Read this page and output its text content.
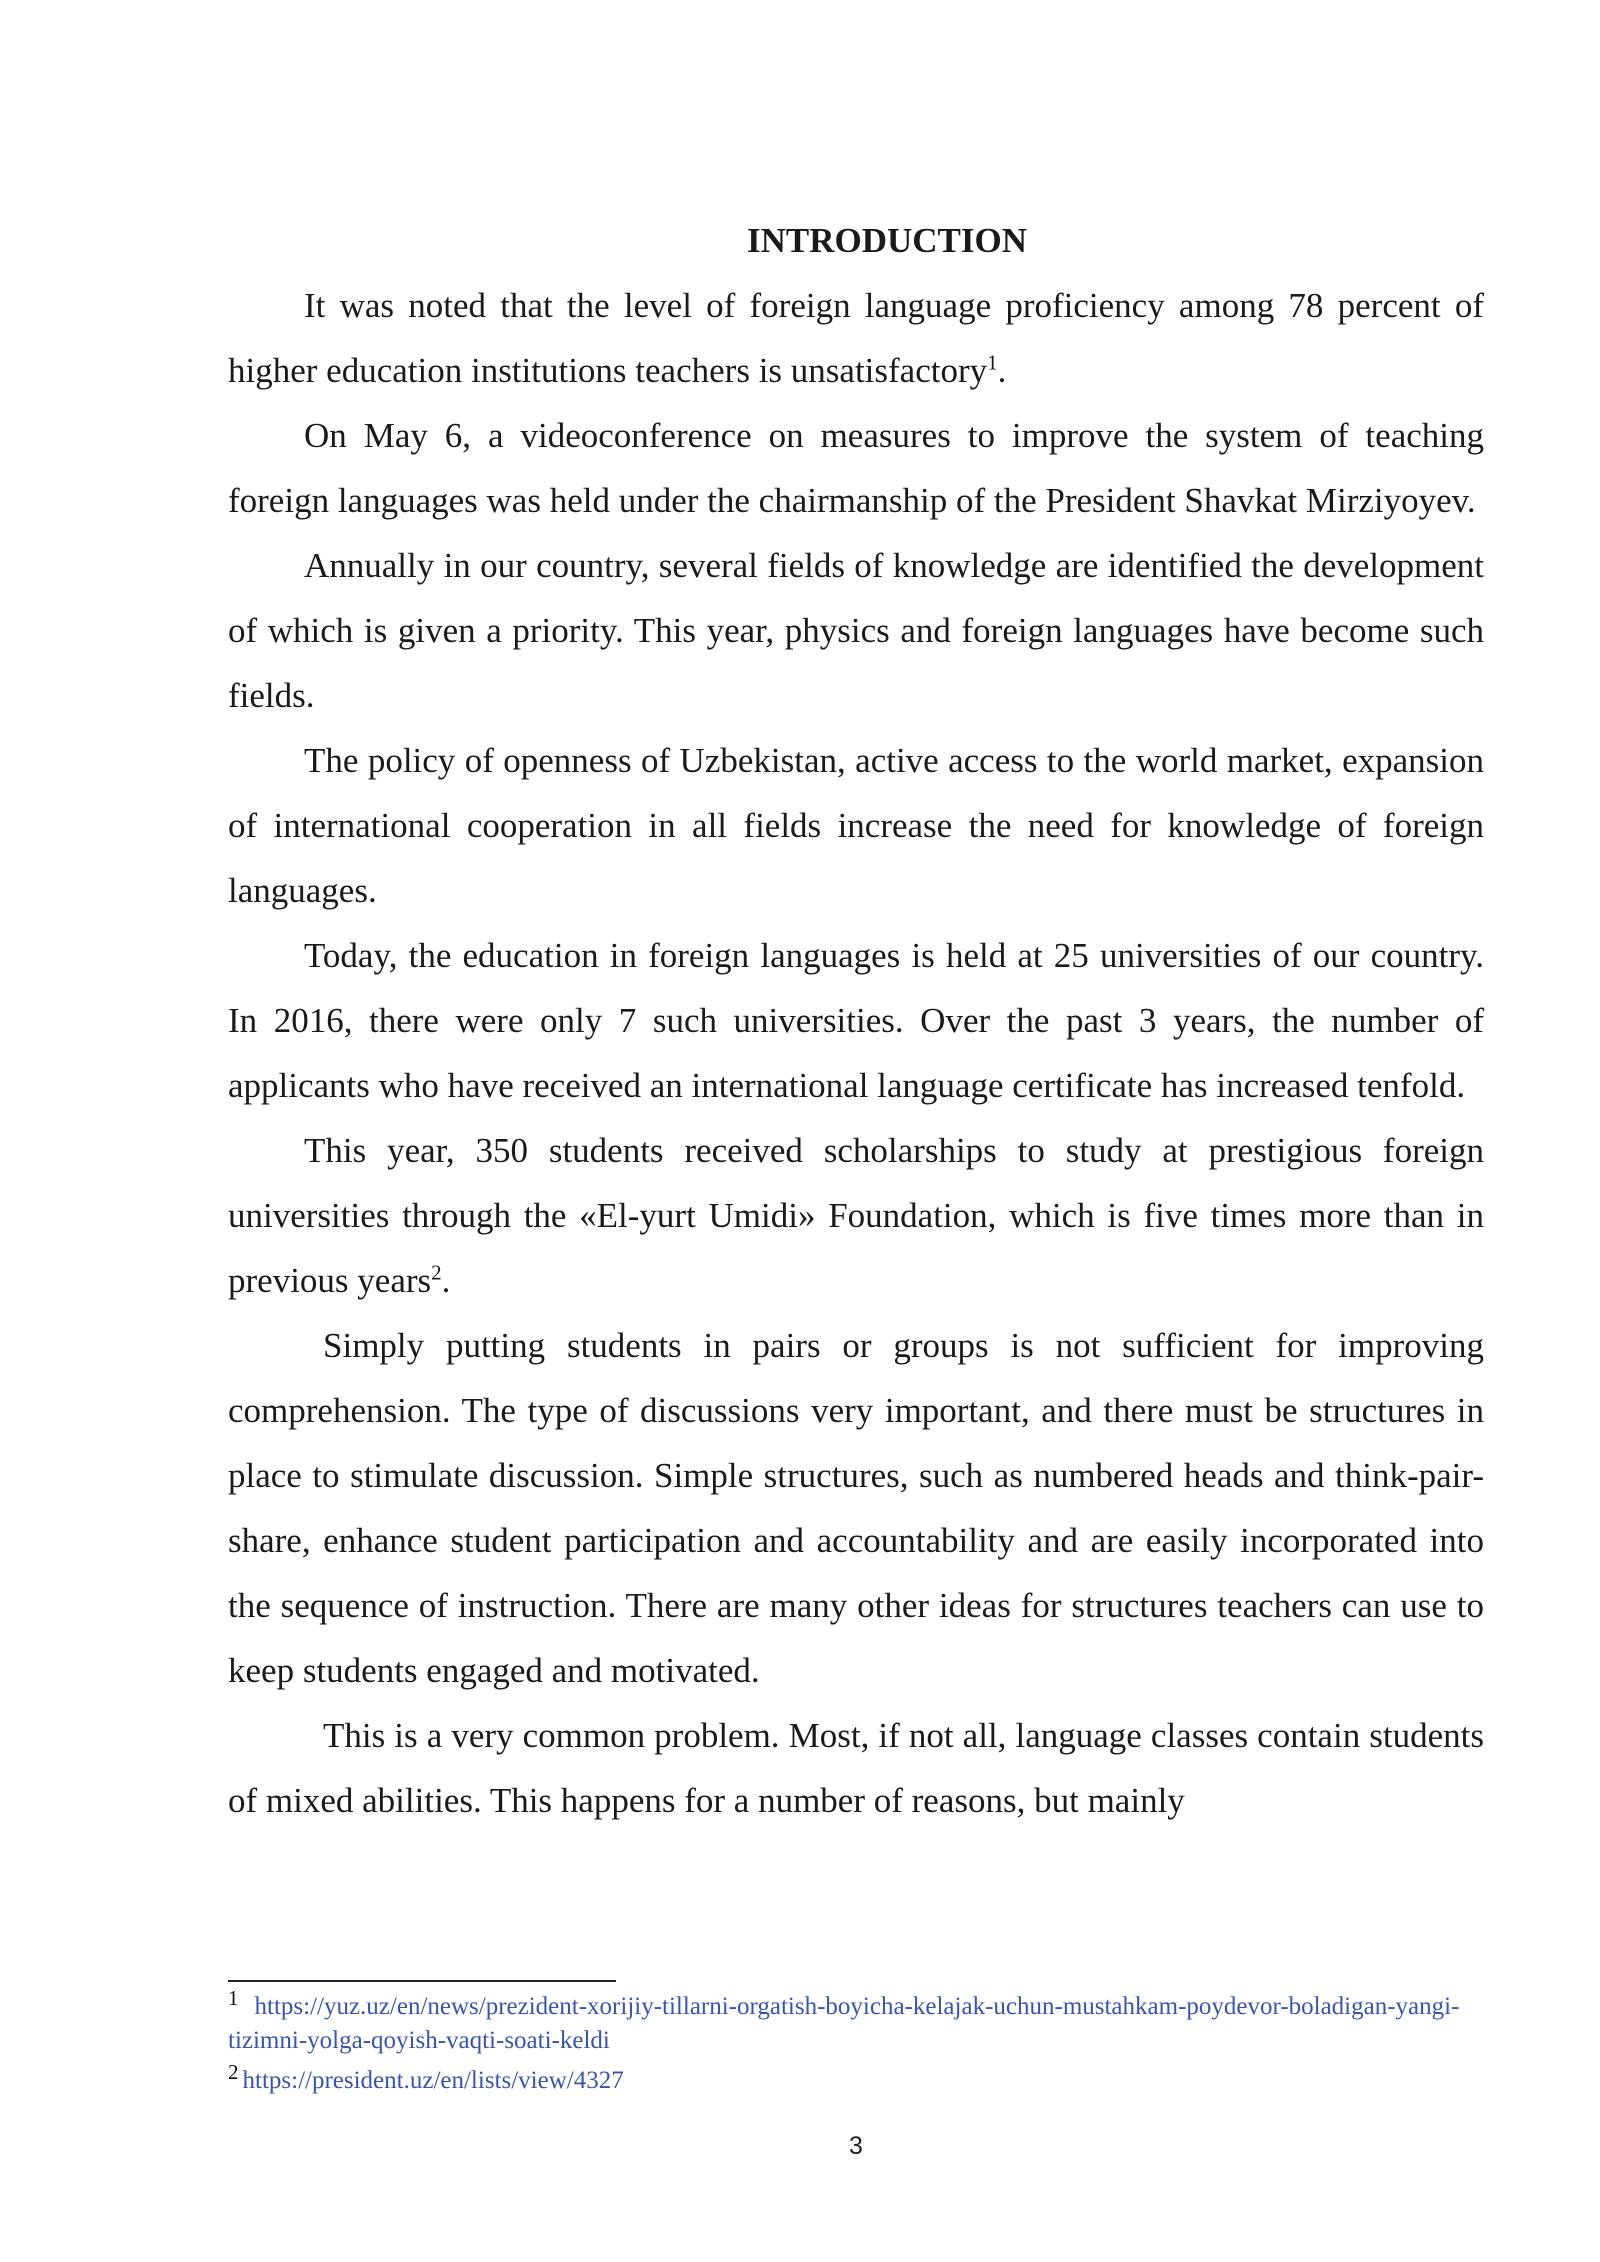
INTRODUCTION

It was noted that the level of foreign language proficiency among 78 percent of higher education institutions teachers is unsatisfactory$^1$.

On May 6, a videoconference on measures to improve the system of teaching foreign languages was held under the chairmanship of the President Shavkat Mirziyoyev.

Annually in our country, several fields of knowledge are identified the development of which is given a priority. This year, physics and foreign languages have become such fields.

The policy of openness of Uzbekistan, active access to the world market, expansion of international cooperation in all fields increase the need for knowledge of foreign languages.

Today, the education in foreign languages is held at 25 universities of our country. In 2016, there were only 7 such universities. Over the past 3 years, the number of applicants who have received an international language certificate has increased tenfold.

This year, 350 students received scholarships to study at prestigious foreign universities through the «El-yurt Umidi» Foundation, which is five times more than in previous years$^2$.

Simply putting students in pairs or groups is not sufficient for improving comprehension. The type of discussions very important, and there must be structures in place to stimulate discussion. Simple structures, such as numbered heads and think-pair-share, enhance student participation and accountability and are easily incorporated into the sequence of instruction. There are many other ideas for structures teachers can use to keep students engaged and motivated.

This is a very common problem. Most, if not all, language classes contain students of mixed abilities. This happens for a number of reasons, but mainly

$^1$ https://yuz.uz/en/news/prezident-xorijiy-tillarni-orgatish-boyicha-kelajak-uchun-mustahkam-poydevor-boladigan-yangi-tizimni-yolga-qoyish-vaqti-soati-keldi

$^2$ https://president.uz/en/lists/view/4327

3
